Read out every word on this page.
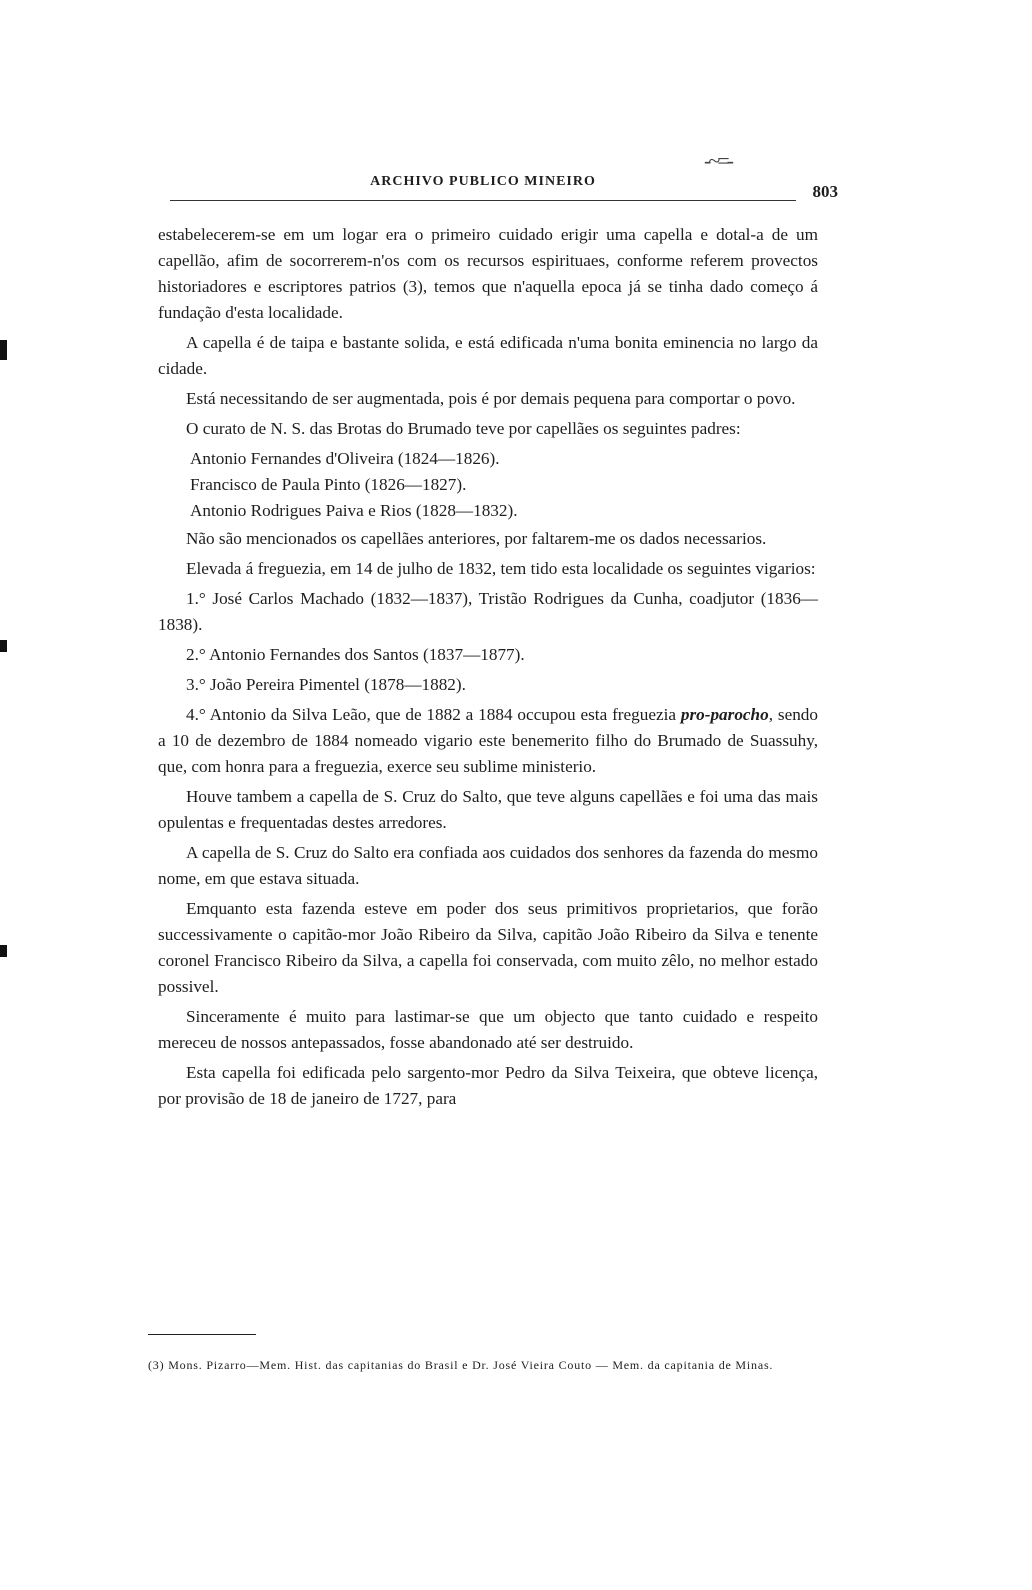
-~=-
ARCHIVO PUBLICO MINEIRO
803

estabelecerem-se em um logar era o primeiro cuidado erigir uma capella e dotal-a de um capellão, afim de socorrerem-n'os com os recursos espirituaes, conforme referem provectos historiadores e escriptores patrios (3), temos que n'aquella epoca já se tinha dado começo á fundação d'esta localidade.

A capella é de taipa e bastante solida, e está edificada n'uma bonita eminencia no largo da cidade.

Está necessitando de ser augmentada, pois é por demais pequena para comportar o povo.

O curato de N. S. das Brotas do Brumado teve por capellães os seguintes padres:

Antonio Fernandes d'Oliveira (1824—1826).
Francisco de Paula Pinto (1826—1827).
Antonio Rodrigues Paiva e Rios (1828—1832).

Não são mencionados os capellães anteriores, por faltarem-me os dados necessarios.

Elevada á freguezia, em 14 de julho de 1832, tem tido esta localidade os seguintes vigarios:

1.° José Carlos Machado (1832—1837), Tristão Rodrigues da Cunha, coadjutor (1836—1838).

2.° Antonio Fernandes dos Santos (1837—1877).

3.° João Pereira Pimentel (1878—1882).

4.° Antonio da Silva Leão, que de 1882 a 1884 occupou esta freguezia pro-parocho, sendo a 10 de dezembro de 1884 nomeado vigario este benemerito filho do Brumado de Suassuhy, que, com honra para a freguezia, exerce seu sublime ministerio.

Houve tambem a capella de S. Cruz do Salto, que teve alguns capellães e foi uma das mais opulentas e frequentadas destes arredores.

A capella de S. Cruz do Salto era confiada aos cuidados dos senhores da fazenda do mesmo nome, em que estava situada.

Emquanto esta fazenda esteve em poder dos seus primitivos proprietarios, que forão successivamente o capitão-mor João Ribeiro da Silva, capitão João Ribeiro da Silva e tenente coronel Francisco Ribeiro da Silva, a capella foi conservada, com muito zêlo, no melhor estado possivel.

Sinceramente é muito para lastimar-se que um objecto que tanto cuidado e respeito mereceu de nossos antepassados, fosse abandonado até ser destruido.

Esta capella foi edificada pelo sargento-mor Pedro da Silva Teixeira, que obteve licença, por provisão de 18 de janeiro de 1727, para

(3) Mons. Pizarro—Mem. Hist. das capitanias do Brasil e Dr. José Vieira Couto — Mem. da capitania de Minas.
